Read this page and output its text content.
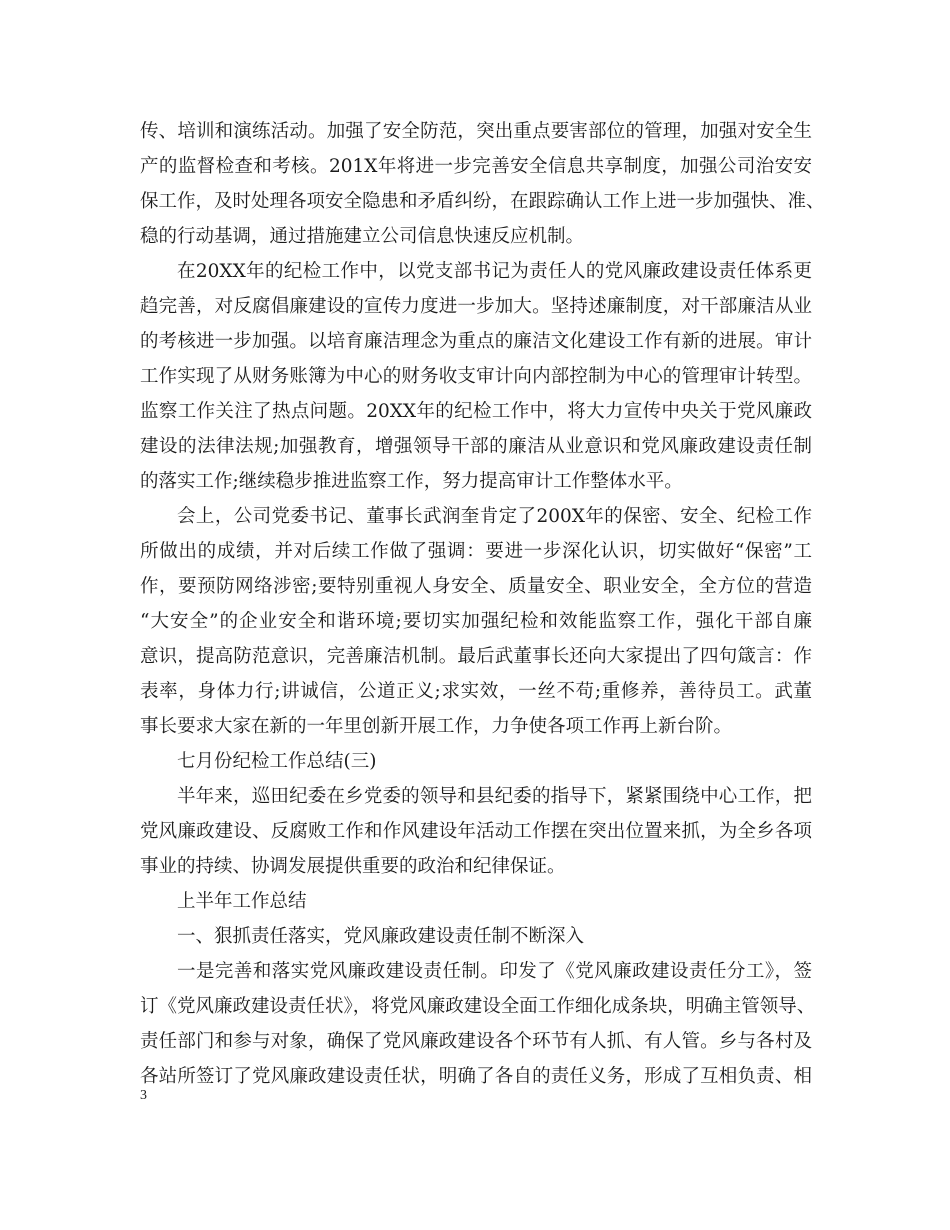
传、培训和演练活动。加强了安全防范，突出重点要害部位的管理，加强对安全生
产的监督检查和考核。201X年将进一步完善安全信息共享制度，加强公司治安安
保工作，及时处理各项安全隐患和矛盾纠纷，在跟踪确认工作上进一步加强快、准、
稳的行动基调，通过措施建立公司信息快速反应机制。
在20XX年的纪检工作中，以党支部书记为责任人的党风廉政建设责任体系更
趋完善，对反腐倡廉建设的宣传力度进一步加大。坚持述廉制度，对干部廉洁从业
的考核进一步加强。以培育廉洁理念为重点的廉洁文化建设工作有新的进展。审计
工作实现了从财务账簿为中心的财务收支审计向内部控制为中心的管理审计转型。
监察工作关注了热点问题。20XX年的纪检工作中，将大力宣传中央关于党风廉政
建设的法律法规;加强教育，增强领导干部的廉洁从业意识和党风廉政建设责任制
的落实工作;继续稳步推进监察工作，努力提高审计工作整体水平。
会上，公司党委书记、董事长武润奎肯定了200X年的保密、安全、纪检工作
所做出的成绩，并对后续工作做了强调：要进一步深化认识，切实做好“保密”工
作，要预防网络涉密;要特别重视人身安全、质量安全、职业安全，全方位的营造
“大安全”的企业安全和谐环境;要切实加强纪检和效能监察工作，强化干部自廉
意识，提高防范意识，完善廉洁机制。最后武董事长还向大家提出了四句箴言：作
表率，身体力行;讲诚信，公道正义;求实效，一丝不苟;重修养，善待员工。武董
事长要求大家在新的一年里创新开展工作，力争使各项工作再上新台阶。
七月份纪检工作总结(三)
半年来，巡田纪委在乡党委的领导和县纪委的指导下，紧紧围绕中心工作，把
党风廉政建设、反腐败工作和作风建设年活动工作摆在突出位置来抓，为全乡各项
事业的持续、协调发展提供重要的政治和纪律保证。
上半年工作总结
一、狠抓责任落实，党风廉政建设责任制不断深入
一是完善和落实党风廉政建设责任制。印发了《党风廉政建设责任分工》，签
订《党风廉政建设责任状》，将党风廉政建设全面工作细化成条块，明确主管领导、
责任部门和参与对象，确保了党风廉政建设各个环节有人抓、有人管。乡与各村及
各站所签订了党风廉政建设责任状，明确了各自的责任义务，形成了互相负责、相
3
